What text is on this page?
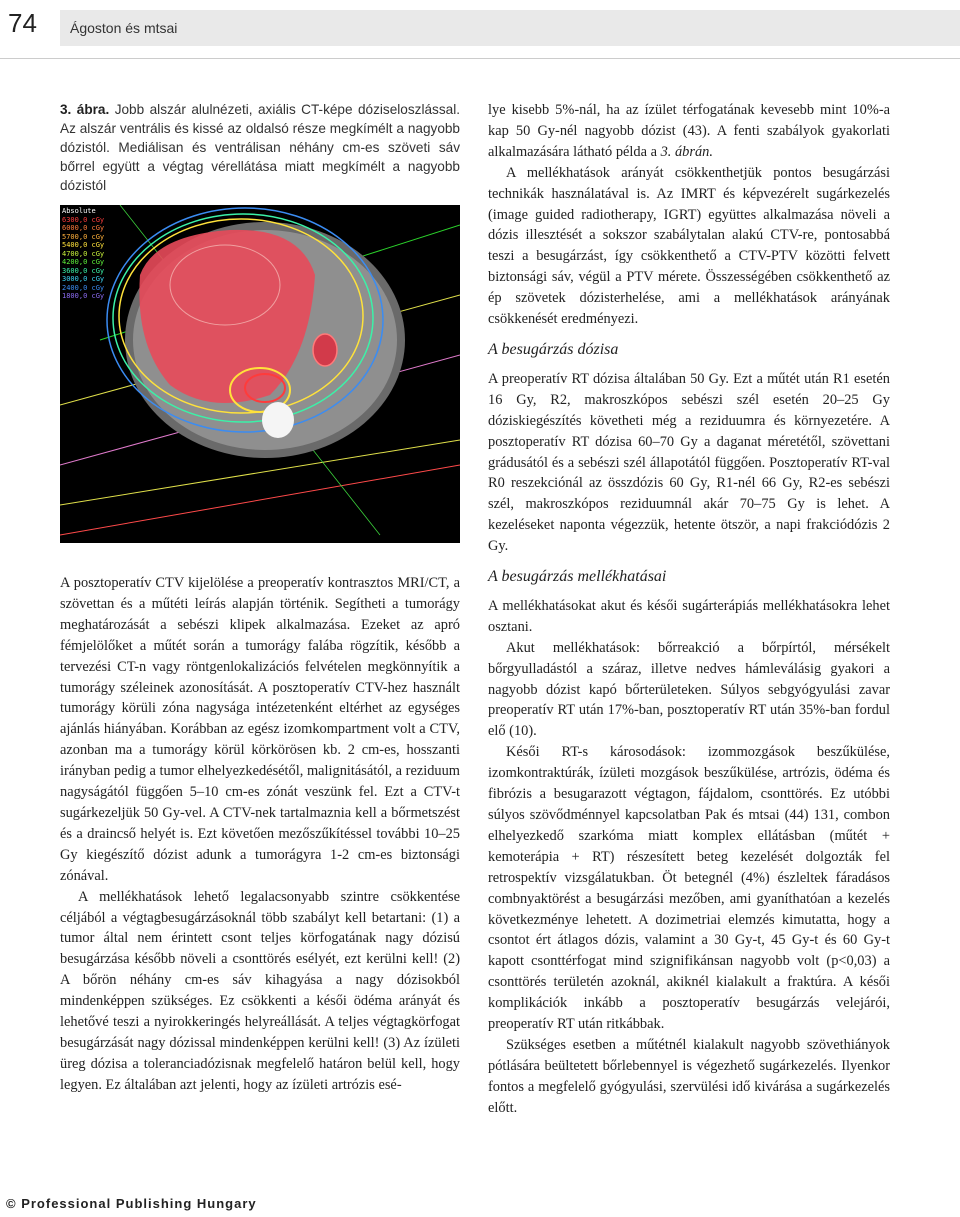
74 Ágoston és mtsai
3. ábra. Jobb alszár alulnézeti, axiális CT-képe dóziseloszlással. Az alszár ventrális és kissé az oldalsó része megkímélt a nagyobb dózistól. Mediálisan és ventrálisan néhány cm-es szöveti sáv bőrrel együtt a végtag vérellátása miatt megkímélt a nagyobb dózistól
Absolute
6300,0 cGy
6000,0 cGy
5700,0 cGy
5400,0 cGy
4700,0 cGy
4200,0 cGy
3600,0 cGy
3000,0 cGy
2400,0 cGy
1800,0 cGy

A posztoperatív CTV kijelölése a preoperatív kontrasztos MRI/CT, a szövettan és a műtéti leírás alapján történik. Segítheti a tumorágy meghatározását a sebészi klipek alkalmazása. Ezeket az apró fémjelölőket a műtét során a tumorágy falába rögzítik, később a tervezési CT-n vagy röntgenlokalizációs felvételen megkönnyítik a tumorágy széleinek azonosítását. A posztoperatív CTV-hez használt tumorágy körüli zóna nagysága intézetenként eltérhet az egységes ajánlás hiányában. Korábban az egész izomkompartment volt a CTV, azonban ma a tumorágy körül körkörösen kb. 2 cm-es, hosszanti irányban pedig a tumor elhelyezkedésétől, malignitásától, a reziduum nagyságától függően 5–10 cm-es zónát veszünk fel. Ezt a CTV-t sugárkezeljük 50 Gy-vel. A CTV-nek tartalmaznia kell a bőrmetszést és a draincső helyét is. Ezt követően mezőszűkítéssel további 10–25 Gy kiegészítő dózist adunk a tumorágyra 1-2 cm-es biztonsági zónával.

A mellékhatások lehető legalacsonyabb szintre csökkentése céljából a végtagbesugárzásoknál több szabályt kell betartani: (1) a tumor által nem érintett csont teljes körfogatának nagy dózisú besugárzása később növeli a csonttörés esélyét, ezt kerülni kell! (2) A bőrön néhány cm-es sáv kihagyása a nagy dózisokból mindenképpen szükséges. Ez csökkenti a késői ödéma arányát és lehetővé teszi a nyirokkeringés helyreállását. A teljes végtagkörfogat besugárzását nagy dózissal mindenképpen kerülni kell! (3) Az ízületi üreg dózisa a toleranciadózisnak megfelelő határon belül kell, hogy legyen. Ez általában azt jelenti, hogy az ízületi artrózis esé-

lye kisebb 5%-nál, ha az ízület térfogatának kevesebb mint 10%-a kap 50 Gy-nél nagyobb dózist (43). A fenti szabályok gyakorlati alkalmazására látható példa a 3. ábrán.

A mellékhatások arányát csökkenthetjük pontos besugárzási technikák használatával is. Az IMRT és képvezérelt sugárkezelés (image guided radiotherapy, IGRT) együttes alkalmazása növeli a dózis illesztését a sokszor szabálytalan alakú CTV-re, pontosabbá teszi a besugárzást, így csökkenthető a CTV-PTV közötti felvett biztonsági sáv, végül a PTV mérete. Összességében csökkenthető az ép szövetek dózisterhelése, ami a mellékhatások arányának csökkenését eredményezi.

A besugárzás dózisa

A preoperatív RT dózisa általában 50 Gy. Ezt a műtét után R1 esetén 16 Gy, R2, makroszkópos sebészi szél esetén 20–25 Gy dóziskiegészítés követheti még a reziduumra és környezetére. A posztoperatív RT dózisa 60–70 Gy a daganat méretétől, szövettani grádusától és a sebészi szél állapotától függően. Posztoperatív RT-val R0 reszekciónál az összdózis 60 Gy, R1-nél 66 Gy, R2-es sebészi szél, makroszkópos reziduumnál akár 70–75 Gy is lehet. A kezeléseket naponta végezzük, hetente ötször, a napi frakciódózis 2 Gy.

A besugárzás mellékhatásai

A mellékhatásokat akut és késői sugárterápiás mellékhatásokra lehet osztani.

Akut mellékhatások: bőrreakció a bőrpírtól, mérsékelt bőrgyulladástól a száraz, illetve nedves hámleválásig gyakori a nagyobb dózist kapó bőrterületeken. Súlyos sebgyógyulási zavar preoperatív RT után 17%-ban, posztoperatív RT után 35%-ban fordul elő (10).

Késői RT-s károsodások: izommozgások beszűkülése, izomkontraktúrák, ízületi mozgások beszűkülése, artrózis, ödéma és fibrózis a besugarazott végtagon, fájdalom, csonttörés. Ez utóbbi súlyos szövődménnyel kapcsolatban Pak és mtsai (44) 131, combon elhelyezkedő szarkóma miatt komplex ellátásban (műtét + kemoterápia + RT) részesített beteg kezelését dolgozták fel retrospektív vizsgálatukban. Öt betegnél (4%) észleltek fáradásos combnyaktörést a besugárzási mezőben, ami gyaníthatóan a kezelés következménye lehetett. A dozimetriai elemzés kimutatta, hogy a csontot ért átlagos dózis, valamint a 30 Gy-t, 45 Gy-t és 60 Gy-t kapott csonttérfogat mind szignifikánsan nagyobb volt (p<0,03) a csonttörés területén azoknál, akiknél kialakult a fraktúra. A késői komplikációk inkább a posztoperatív besugárzás velejárói, preoperatív RT után ritkábbak.

Szükséges esetben a műtétnél kialakult nagyobb szövethiányok pótlására beültetett bőrlebennyel is végezhető sugárkezelés. Ilyenkor fontos a megfelelő gyógyulási, szervülési idő kivárása a sugárkezelés előtt.

© Professional Publishing Hungary
